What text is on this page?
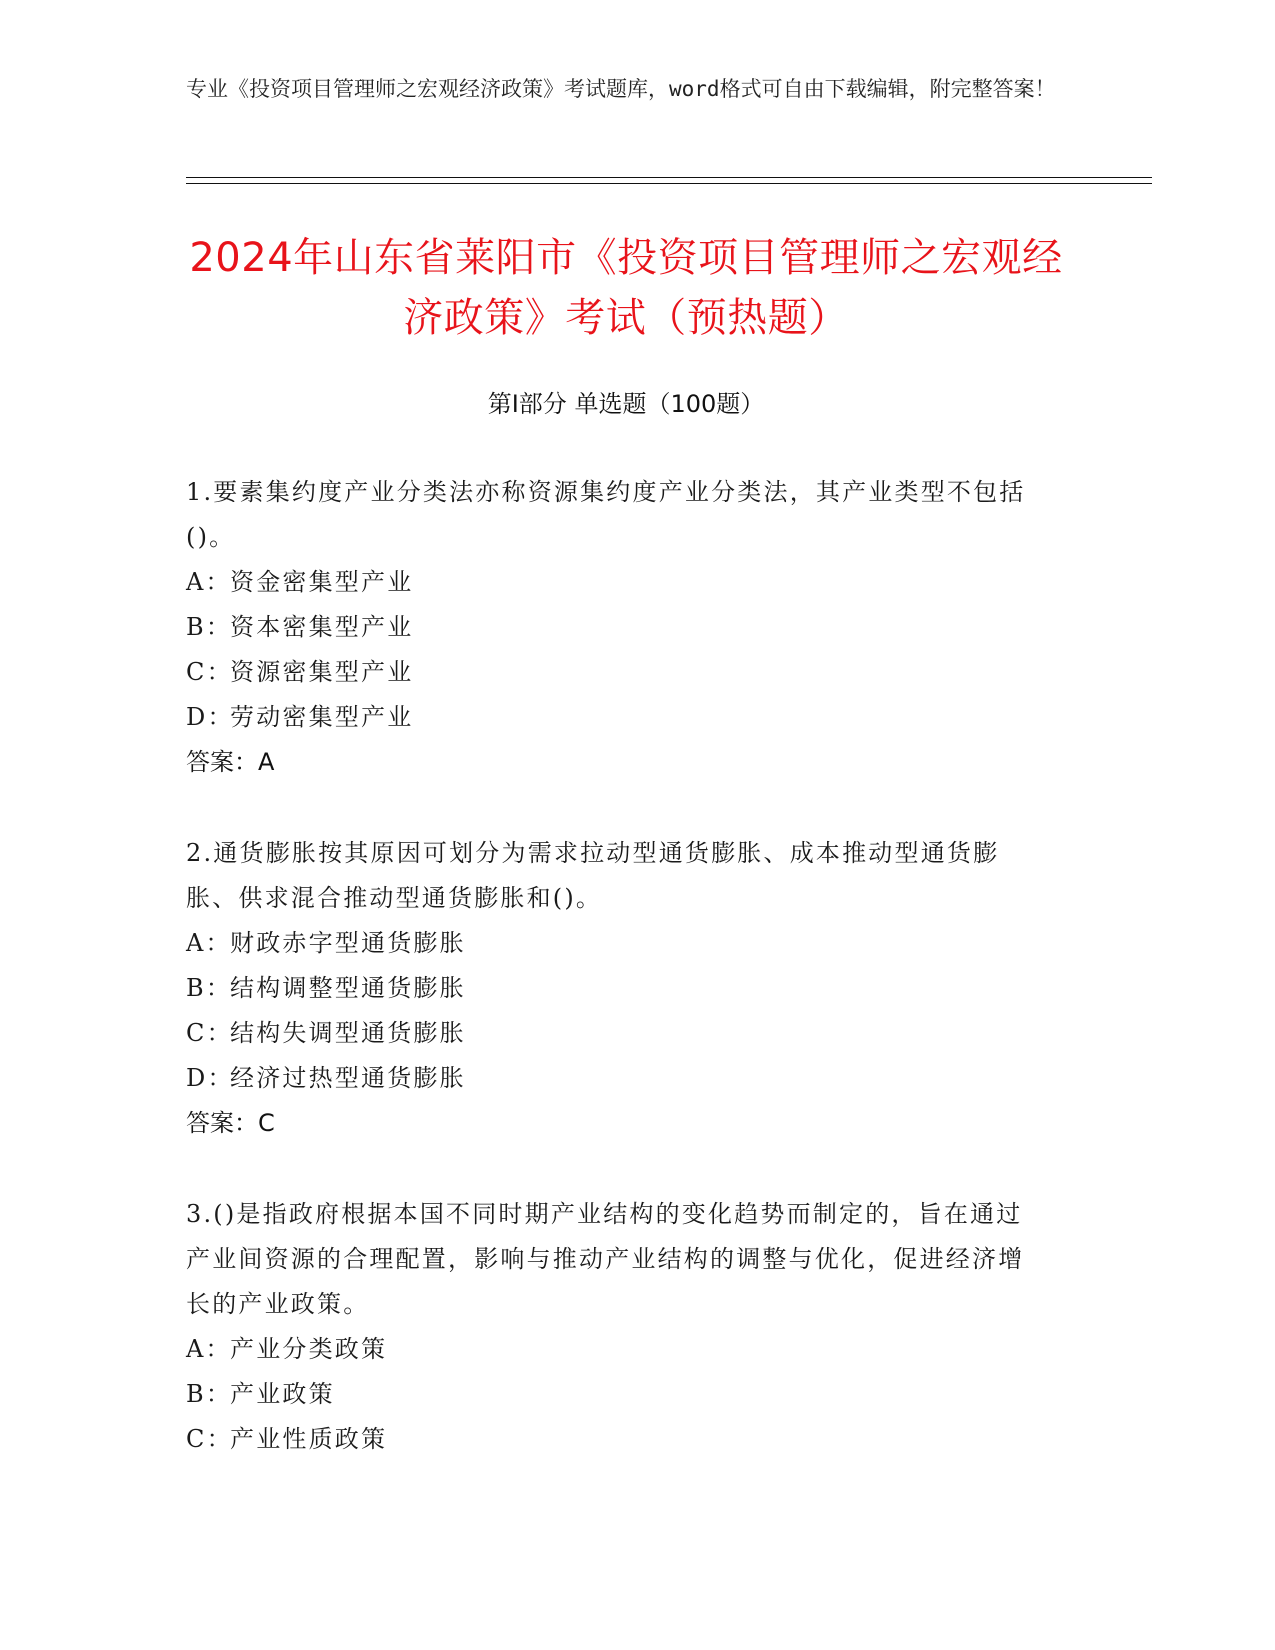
专业《投资项目管理师之宏观经济政策》考试题库，word格式可自由下载编辑，附完整答案！
2024年山东省莱阳市《投资项目管理师之宏观经济政策》考试（预热题）
第Ⅰ部分 单选题（100题）
1.要素集约度产业分类法亦称资源集约度产业分类法，其产业类型不包括()。
A：资金密集型产业
B：资本密集型产业
C：资源密集型产业
D：劳动密集型产业
答案：A
2.通货膨胀按其原因可划分为需求拉动型通货膨胀、成本推动型通货膨胀、供求混合推动型通货膨胀和()。
A：财政赤字型通货膨胀
B：结构调整型通货膨胀
C：结构失调型通货膨胀
D：经济过热型通货膨胀
答案：C
3.()是指政府根据本国不同时期产业结构的变化趋势而制定的，旨在通过产业间资源的合理配置，影响与推动产业结构的调整与优化，促进经济增长的产业政策。
A：产业分类政策
B：产业政策
C：产业性质政策
